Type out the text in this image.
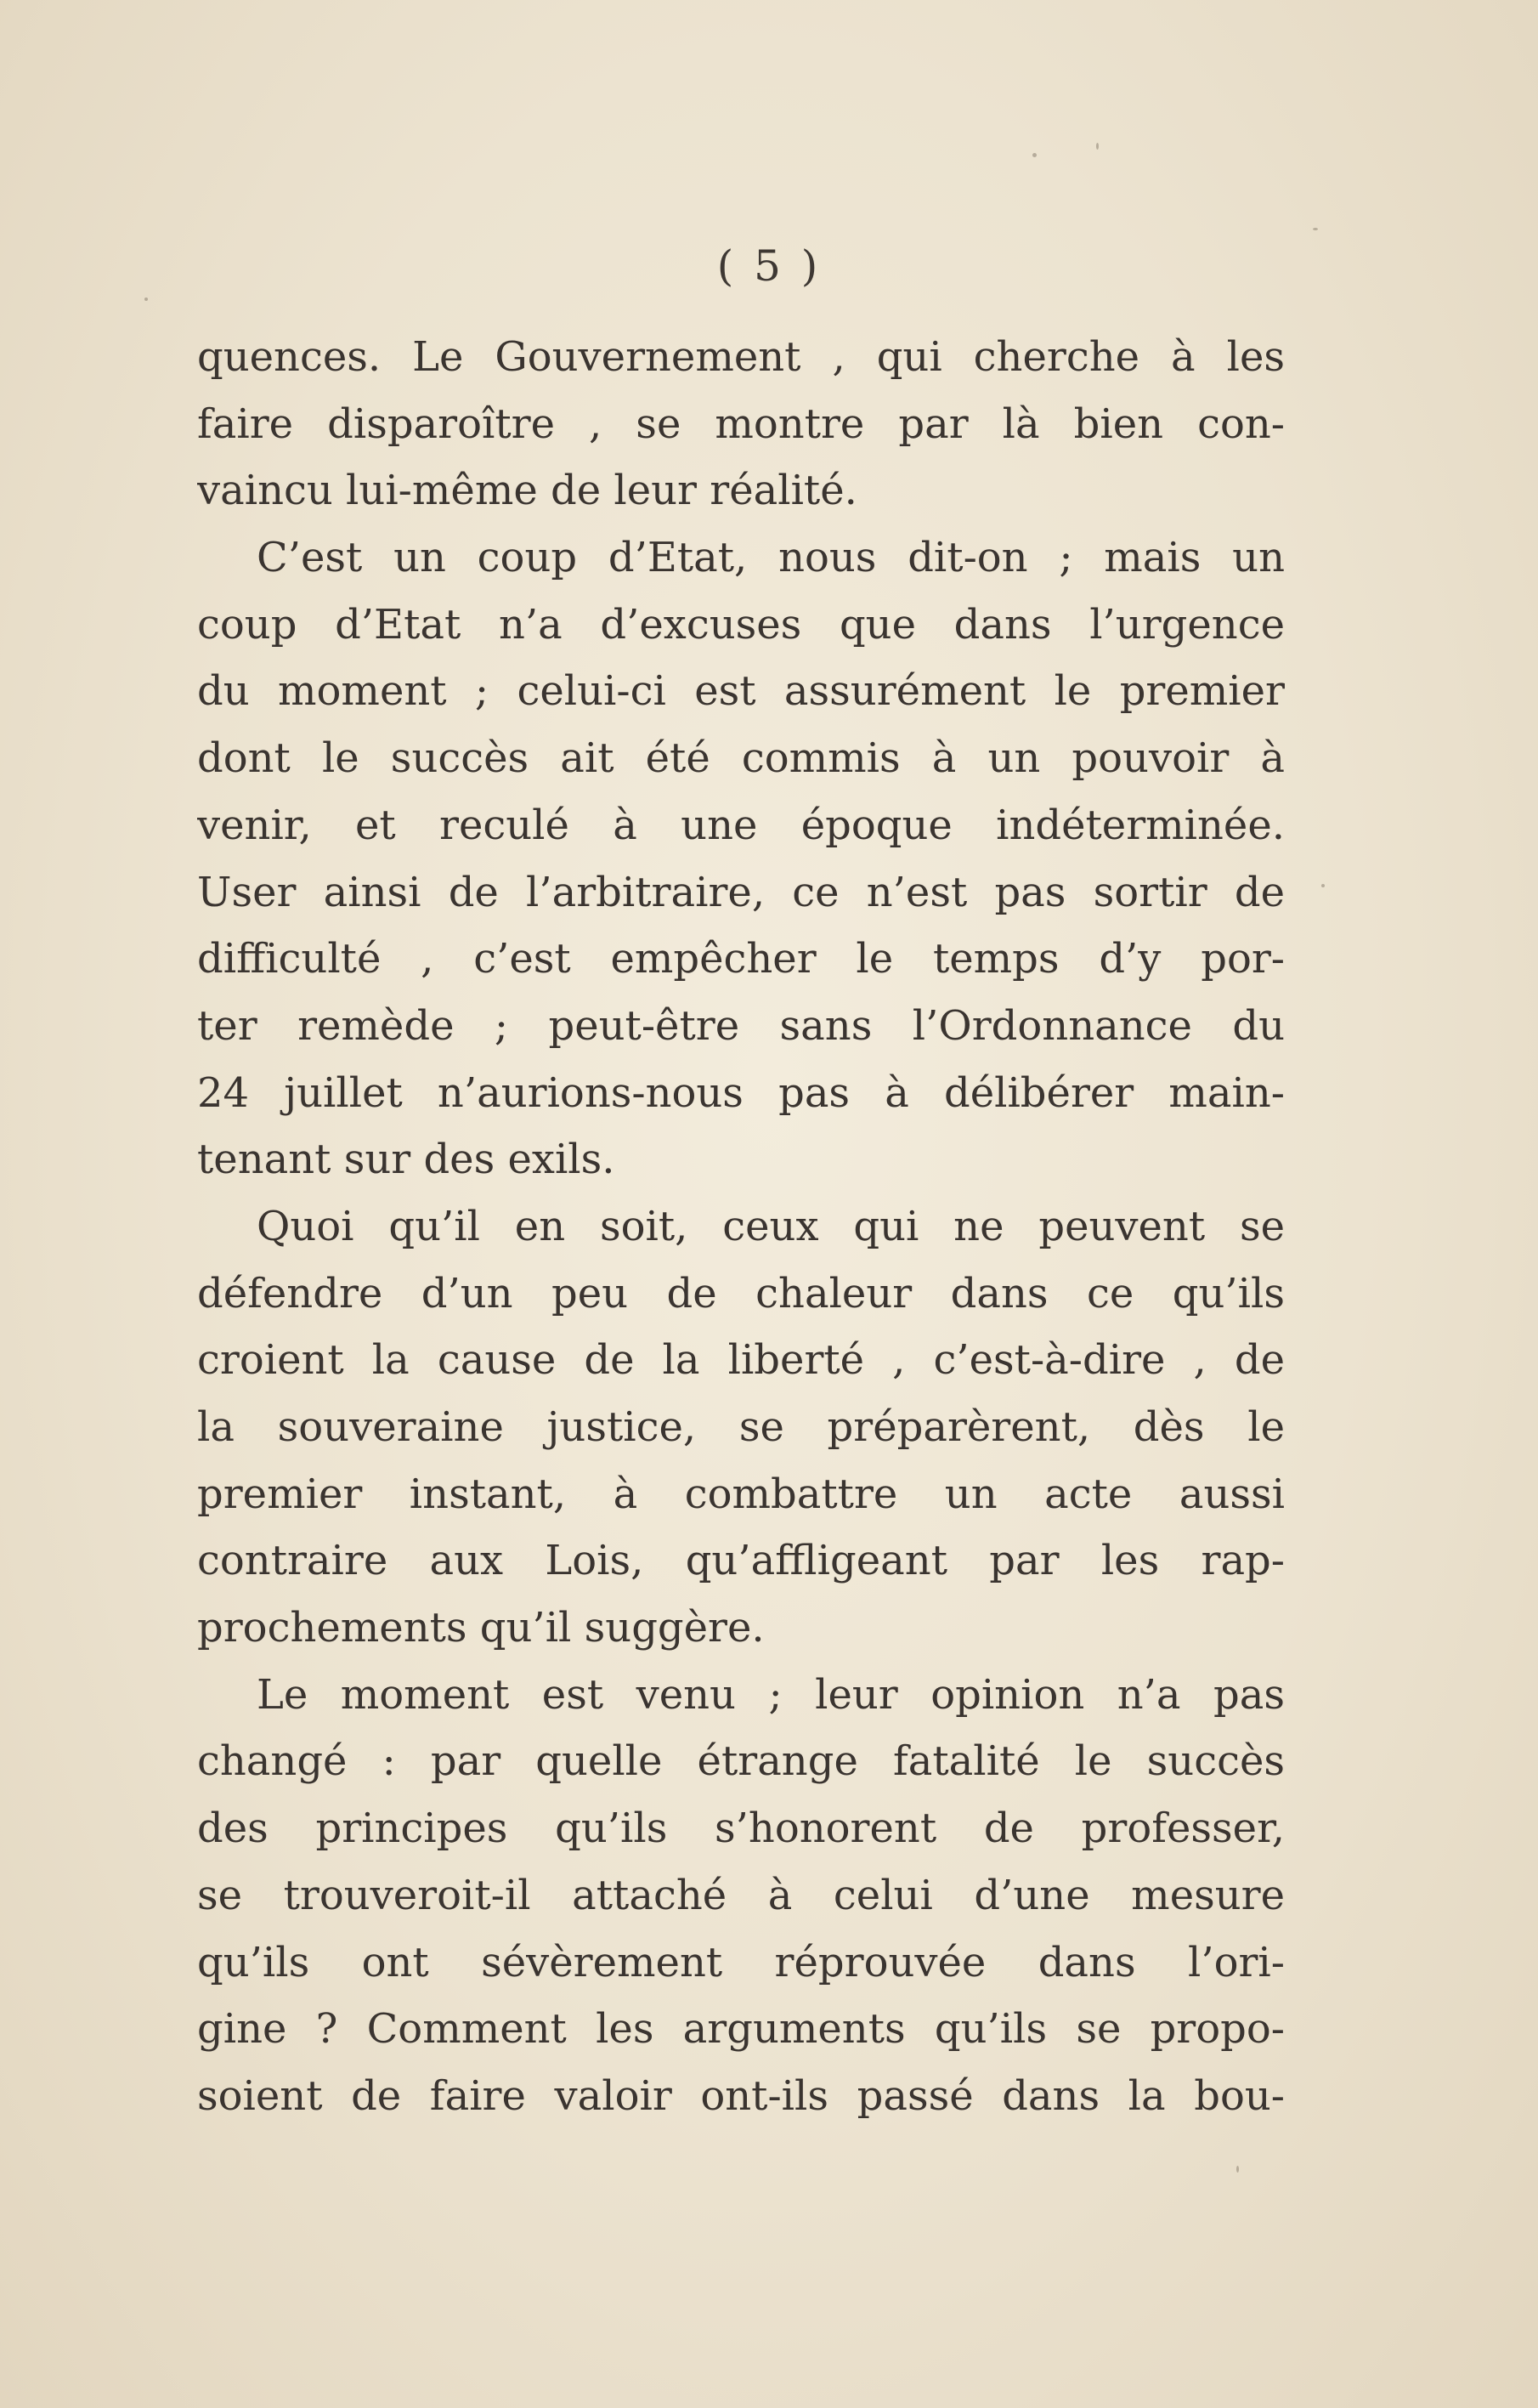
( 5 )
quences. Le Gouvernement , qui cherche à les
faire disparoître , se montre par là bien con-
vaincu lui-même de leur réalité.
C’est un coup d’Etat, nous dit-on ; mais un
coup d’Etat n’a d’excuses que dans l’urgence
du moment ; celui-ci est assurément le premier
dont le succès ait été commis à un pouvoir à
venir, et reculé à une époque indéterminée.
User ainsi de l’arbitraire, ce n’est pas sortir de
difficulté , c’est empêcher le temps d’y por-
ter remède ; peut-être sans l’Ordonnance du
24 juillet n’aurions-nous pas à délibérer main-
tenant sur des exils.
Quoi qu’il en soit, ceux qui ne peuvent se
défendre d’un peu de chaleur dans ce qu’ils
croient la cause de la liberté , c’est-à-dire , de
la souveraine justice, se préparèrent, dès le
premier instant, à combattre un acte aussi
contraire aux Lois, qu’affligeant par les rap-
prochements qu’il suggère.
Le moment est venu ; leur opinion n’a pas
changé : par quelle étrange fatalité le succès
des principes qu’ils s’honorent de professer,
se trouveroit-il attaché à celui d’une mesure
qu’ils ont sévèrement réprouvée dans l’ori-
gine ? Comment les arguments qu’ils se propo-
soient de faire valoir ont-ils passé dans la bou-
